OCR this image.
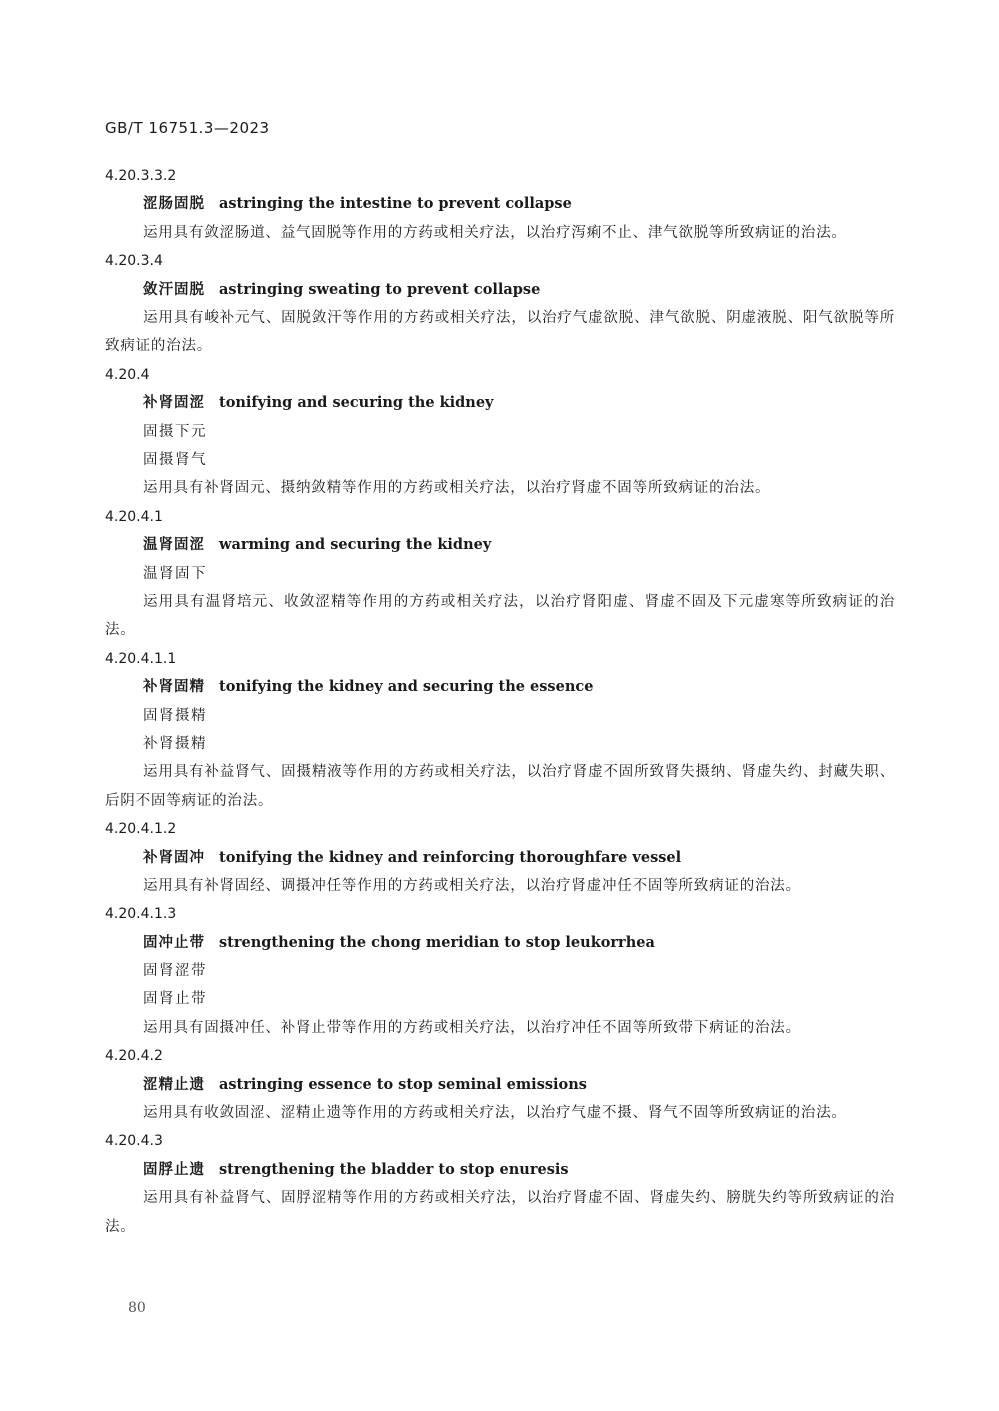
GB/T 16751.3—2023
4.20.3.3.2
涩肠固脱 astringing the intestine to prevent collapse

运用具有敛涩肠道、益气固脱等作用的方药或相关疗法，以治疗泻痢不止、津气欲脱等所致病证的治法。

4.20.3.4
敛汗固脱 astringing sweating to prevent collapse

运用具有峻补元气、固脱敛汗等作用的方药或相关疗法，以治疗气虚欲脱、津气欲脱、阴虚液脱、阳气欲脱等所致病证的治法。

4.20.4
补肾固涩 tonifying and securing the kidney
固摄下元
固摄肾气

运用具有补肾固元、摄纳敛精等作用的方药或相关疗法，以治疗肾虚不固等所致病证的治法。

4.20.4.1
温肾固涩 warming and securing the kidney
温肾固下

运用具有温肾培元、收敛涩精等作用的方药或相关疗法，以治疗肾阳虚、肾虚不固及下元虚寒等所致病证的治法。

4.20.4.1.1
补肾固精 tonifying the kidney and securing the essence
固肾摄精
补肾摄精

运用具有补益肾气、固摄精液等作用的方药或相关疗法，以治疗肾虚不固所致肾失摄纳、肾虚失约、封藏失职、后阴不固等病证的治法。

4.20.4.1.2
补肾固冲 tonifying the kidney and reinforcing thoroughfare vessel

运用具有补肾固经、调摄冲任等作用的方药或相关疗法，以治疗肾虚冲任不固等所致病证的治法。

4.20.4.1.3
固冲止带 strengthening the chong meridian to stop leukorrhea
固肾涩带
固肾止带

运用具有固摄冲任、补肾止带等作用的方药或相关疗法，以治疗冲任不固等所致带下病证的治法。

4.20.4.2
涩精止遗 astringing essence to stop seminal emissions

运用具有收敛固涩、涩精止遗等作用的方药或相关疗法，以治疗气虚不摄、肾气不固等所致病证的治法。

4.20.4.3
固脬止遗 strengthening the bladder to stop enuresis

运用具有补益肾气、固脬涩精等作用的方药或相关疗法，以治疗肾虚不固、肾虚失约、膀胱失约等所致病证的治法。

80
